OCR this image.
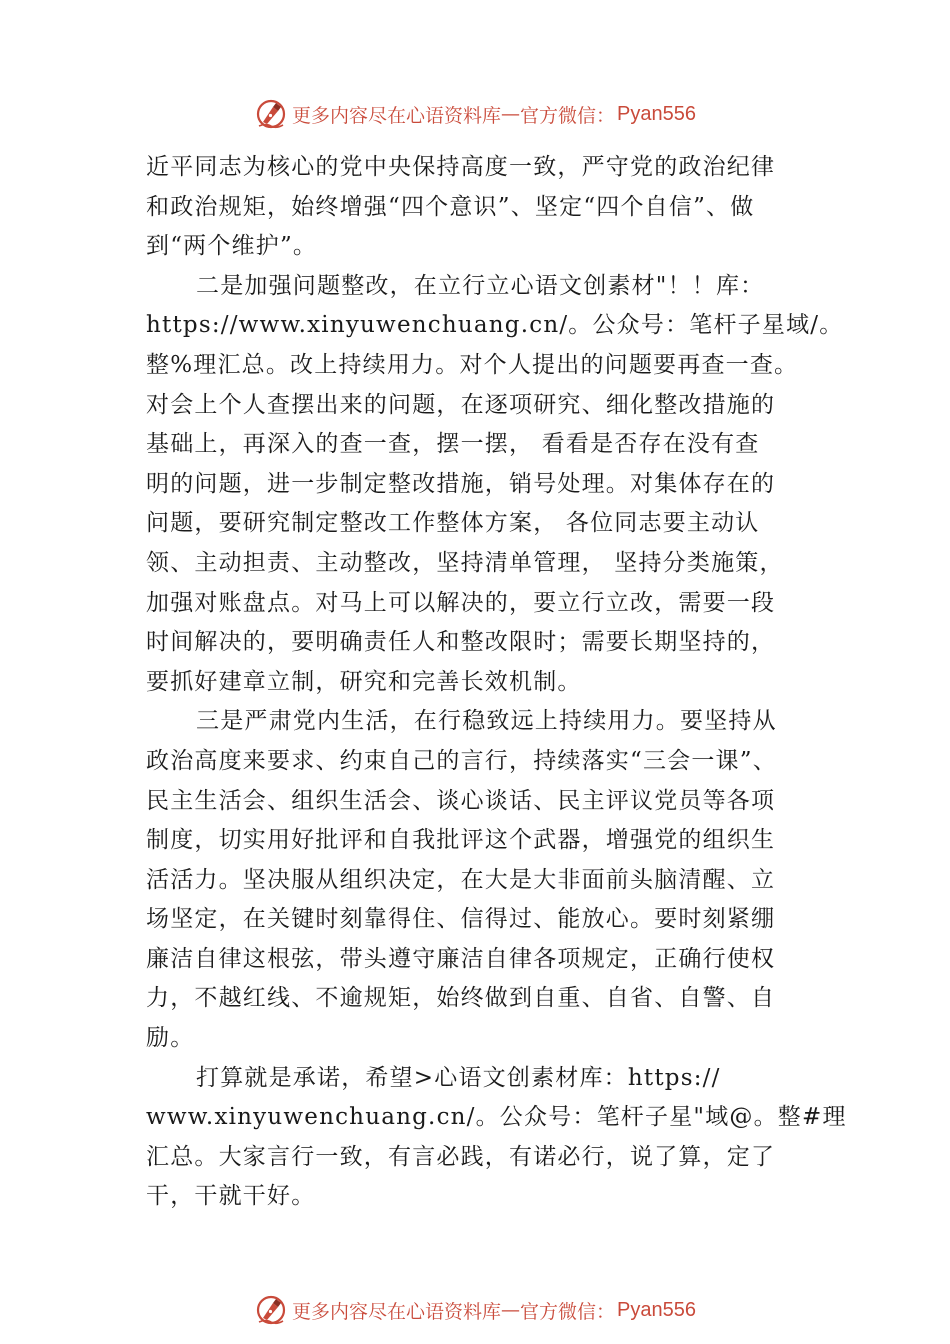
更多内容尽在心语资料库 — 官方微信： Pyan556
近平同志为核心的党中央保持高度一致，严守党的政治纪律
和政治规矩，始终增强“四个意识”、坚定“四个自信”、做
到“两个维护”。
二是加强问题整改，在立行立心语文创素材"！！库：
https://www.xinyuwenchuang.cn/。公众号：笔杆子星域/。
整%理汇总。改上持续用力。对个人提出的问题要再查一查。
对会上个人查摆出来的问题，在逐项研究、细化整改措施的
基础上，再深入的查一查，摆一摆， 看看是否存在没有查
明的问题，进一步制定整改措施，销号处理。对集体存在的
问题，要研究制定整改工作整体方案， 各位同志要主动认
领、主动担责、主动整改，坚持清单管理， 坚持分类施策，
加强对账盘点。对马上可以解决的，要立行立改，需要一段
时间解决的，要明确责任人和整改限时；需要长期坚持的，
要抓好建章立制，研究和完善长效机制。
三是严肃党内生活，在行稳致远上持续用力。要坚持从
政治高度来要求、约束自己的言行，持续落实“三会一课”、
民主生活会、组织生活会、谈心谈话、民主评议党员等各项
制度，切实用好批评和自我批评这个武器，增强党的组织生
活活力。坚决服从组织决定，在大是大非面前头脑清醒、立
场坚定，在关键时刻靠得住、信得过、能放心。要时刻紧绷
廉洁自律这根弦，带头遵守廉洁自律各项规定，正确行使权
力，不越红线、不逾规矩，始终做到自重、自省、自警、自
励。
打算就是承诺，希望>心语文创素材库：https://
www.xinyuwenchuang.cn/。公众号：笔杆子星"域@。整#理
汇总。大家言行一致，有言必践，有诺必行，说了算，定了
干，干就干好。
更多内容尽在心语资料库 — 官方微信： Pyan556
